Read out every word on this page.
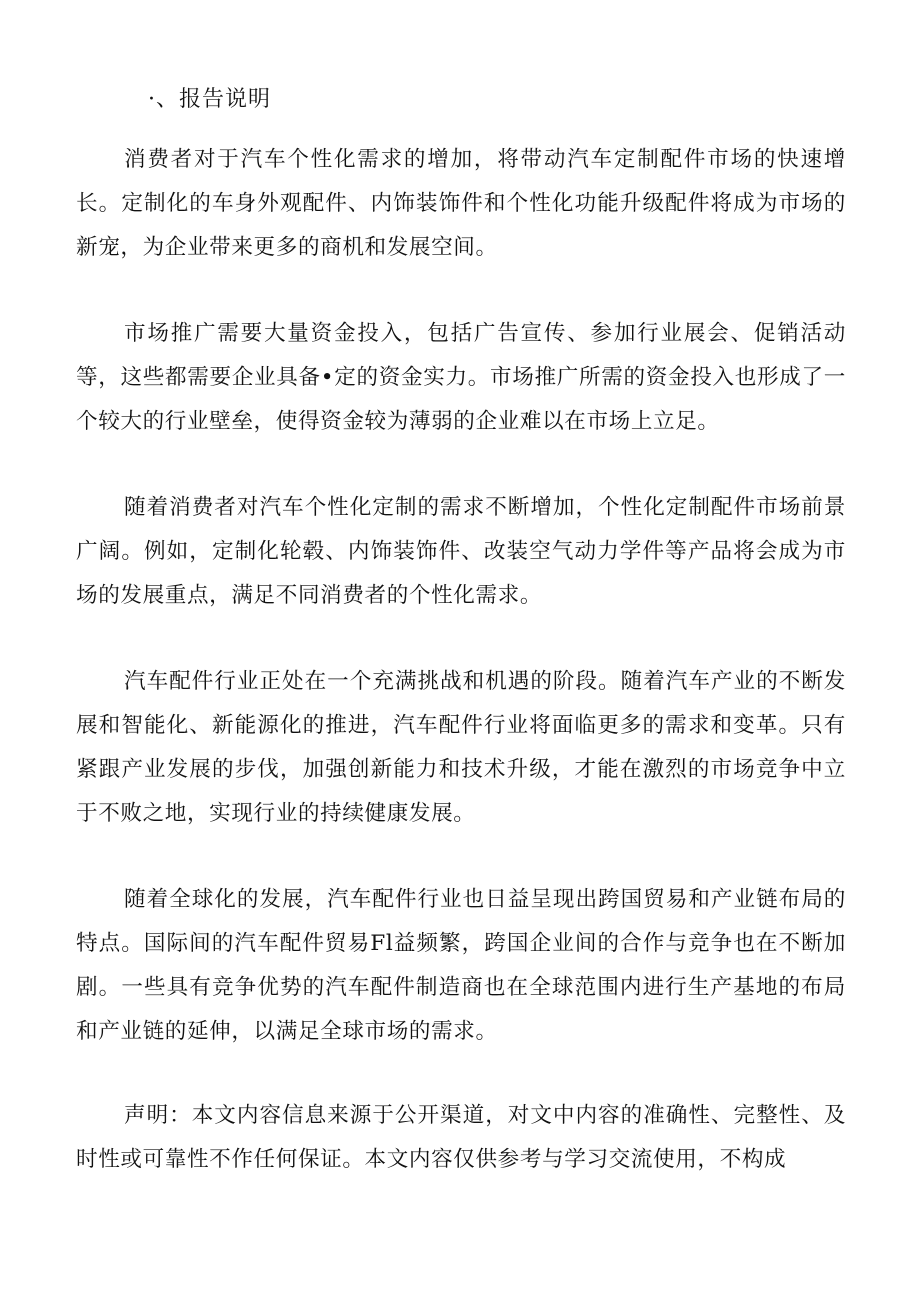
·、报告说明

消费者对于汽车个性化需求的增加，将带动汽车定制配件市场的快速增长。定制化的车身外观配件、内饰装饰件和个性化功能升级配件将成为市场的新宠，为企业带来更多的商机和发展空间。

市场推广需要大量资金投入，包括广告宣传、参加行业展会、促销活动等，这些都需要企业具备•定的资金实力。市场推广所需的资金投入也形成了一个较大的行业壁垒，使得资金较为薄弱的企业难以在市场上立足。

随着消费者对汽车个性化定制的需求不断增加，个性化定制配件市场前景广阔。例如，定制化轮毂、内饰装饰件、改装空气动力学件等产品将会成为市场的发展重点，满足不同消费者的个性化需求。

汽车配件行业正处在一个充满挑战和机遇的阶段。随着汽车产业的不断发展和智能化、新能源化的推进，汽车配件行业将面临更多的需求和变革。只有紧跟产业发展的步伐，加强创新能力和技术升级，才能在激烈的市场竞争中立于不败之地，实现行业的持续健康发展。

随着全球化的发展，汽车配件行业也日益呈现出跨国贸易和产业链布局的特点。国际间的汽车配件贸易Fl益频繁，跨国企业间的合作与竞争也在不断加剧。一些具有竞争优势的汽车配件制造商也在全球范围内进行生产基地的布局和产业链的延伸，以满足全球市场的需求。

声明：本文内容信息来源于公开渠道，对文中内容的准确性、完整性、及时性或可靠性不作任何保证。本文内容仅供参考与学习交流使用，不构成
